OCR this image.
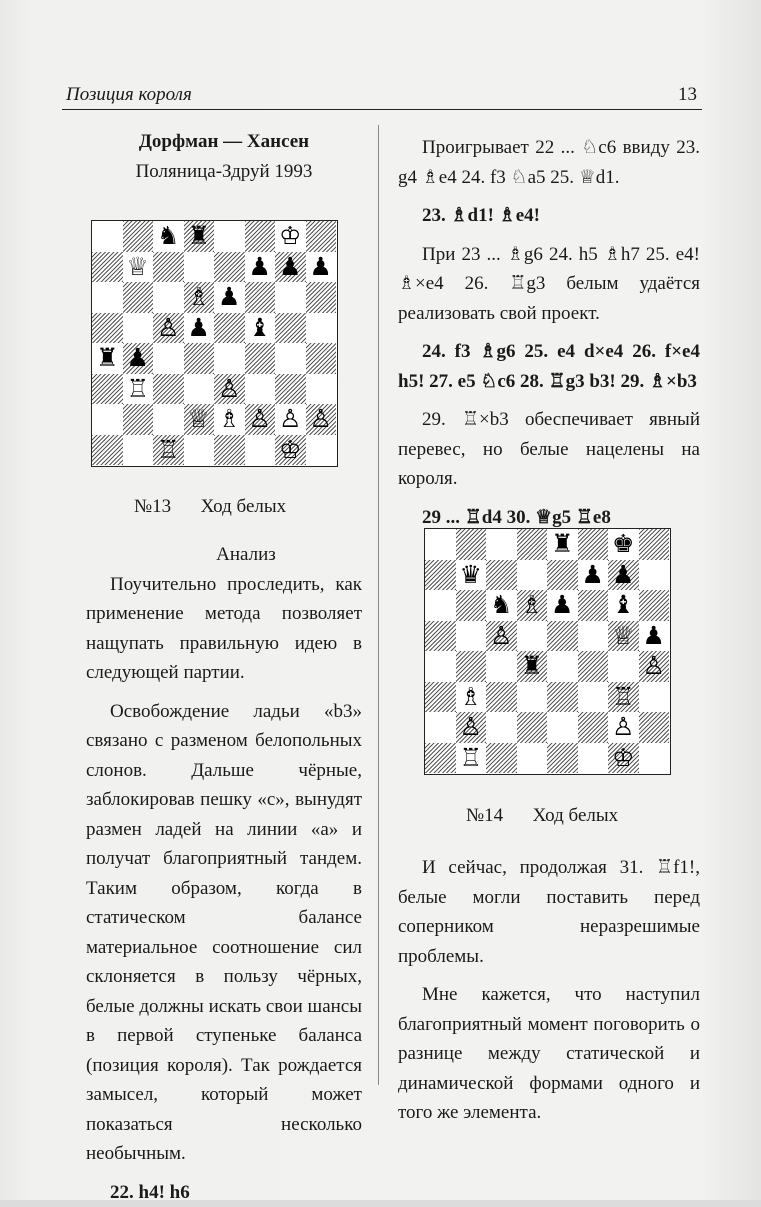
Позиция короля	13
Дорфман — Хансен
Поляница-Здруй 1993
♞ ♜	♔
♕	♟ ♟ ♟
♗ ♟
♙ ♟ ♝
♜ ♟
♖	♙
♕ ♗ ♙ ♙ ♙
♖	♔
№13 Ход белых
Анализ

Поучительно проследить, как применение метода позволяет нащупать правильную идею в следующей партии.

Освобождение ладьи «b3» связано с разменом белопольных слонов. Дальше чёрные, заблокировав пешку «с», вынудят размен ладей на линии «а» и получат благоприятный тандем. Таким образом, когда в статическом балансе материальное соотношение сил склоняется в пользу чёрных, белые должны искать свои шансы в первой ступеньке баланса (позиция короля). Так рождается замысел, который может показаться несколько необычным.

22. h4! h6

Проигрывает 22 ... ♘c6 ввиду 23. g4 ♗e4 24. f3 ♘a5 25. ♕d1.

23. ♗d1! ♗e4!

При 23 ... ♗g6 24. h5 ♗h7 25. e4! ♗×e4 26. ♖g3 белым удаётся реализовать свой проект.

24. f3 ♗g6 25. e4 d×e4 26. f×e4 h5! 27. e5 ♘c6 28. ♖g3 b3! 29. ♗×b3

29. ♖×b3 обеспечивает явный перевес, но белые нацелены на короля.

29 ... ♖d4 30. ♕g5 ♖e8

♜ ♚
♛	♟ ♟
♞ ♗ ♟ ♝
♙	♕ ♟
♜	♙
♗	♖
♙	♙
♖	♔
№14 Ход белых

И сейчас, продолжая 31. ♖f1!, белые могли поставить перед соперником неразрешимые проблемы.

Мне кажется, что наступил благоприятный момент поговорить о разнице между статической и динамической формами одного и того же элемента.
